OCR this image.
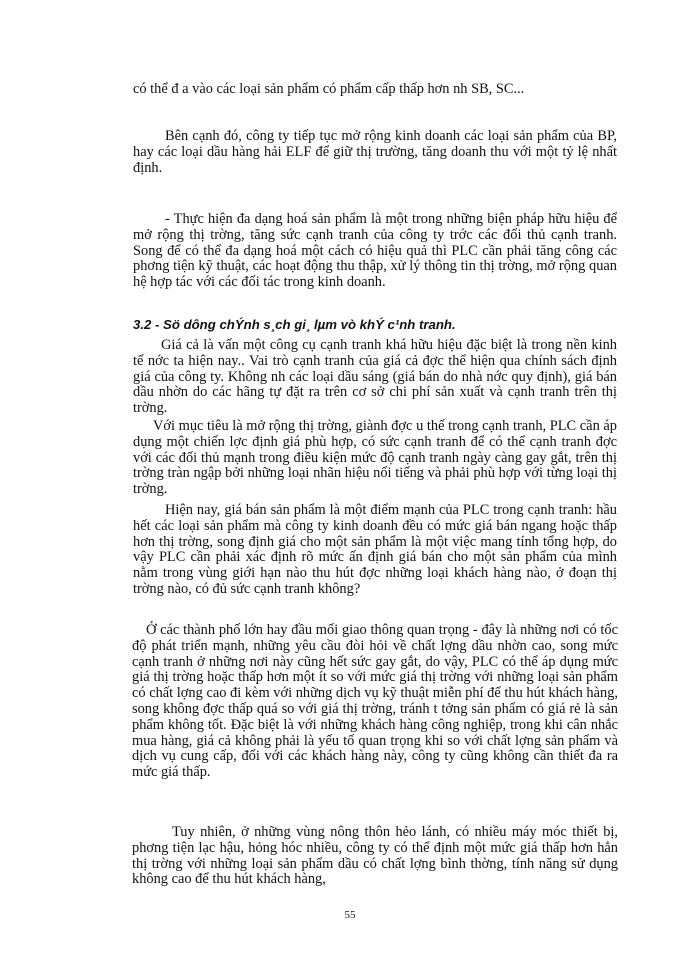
có thể đ a vào các loại sản phẩm có phẩm cấp thấp hơn nh SB, SC...

Bên cạnh đó, công ty tiếp tục mở rộng kinh doanh các loại sản phẩm của BP, hay các loại dầu hàng hải ELF để giữ thị trường, tăng doanh thu với một tỷ lệ nhất định.

- Thực hiện đa dạng hoá sản phẩm là một trong những biện pháp hữu hiệu để mở rộng thị trờng, tăng sức cạnh tranh của công ty trớc các đối thủ cạnh tranh. Song để có thể đa dạng hoá một cách có hiệu quả thì PLC cần phải tăng công các phơng tiện kỹ thuật, các hoạt động thu thập, xử lý thông tin thị trờng, mở rộng quan hệ hợp tác với các đối tác trong kinh doanh.

3.2 - Sö dông chÝnh s¸ch gi¸ lµm vò khÝ c¹nh tranh.

Giá cả là vấn một công cụ cạnh tranh khá hữu hiệu đặc biệt là trong nền kinh tế nớc ta hiện nay.. Vai trò cạnh tranh của giá cả đợc thể hiện qua chính sách định giá của công ty. Không nh các loại dầu sáng (giá bán do nhà nớc quy định), giá bán dầu nhờn do các hãng tự đặt ra trên cơ sở chi phí sản xuất và cạnh tranh trên thị trờng.

Với mục tiêu là mở rộng thị trờng, giành đợc u thế trong cạnh tranh, PLC cần áp dụng một chiến lợc định giá phù hợp, có sức cạnh tranh để có thể cạnh tranh đợc với các đối thủ mạnh trong điều kiện mức độ cạnh tranh ngày càng gay gắt, trên thị trờng tràn ngập bởi những loại nhãn hiệu nổi tiếng và phải phù hợp với từng loại thị trờng.

Hiện nay, giá bán sản phẩm là một điểm mạnh của PLC trong cạnh tranh: hầu hết các loại sản phẩm mà công ty kinh doanh đều có mức giá bán ngang hoặc thấp hơn thị trờng, song định giá cho một sản phẩm là một việc mang tính tổng hợp, do vậy PLC cần phải xác định rõ mức ấn định giá bán cho một sản phẩm của mình nằm trong vùng giới hạn nào thu hút đợc những loại khách hàng nào, ở đoạn thị trờng nào, có đủ sức cạnh tranh không?

Ở các thành phố lớn hay đầu mối giao thông quan trọng - đây là những nơi có tốc độ phát triển mạnh, những yêu cầu đòi hỏi về chất lợng dầu nhờn cao, song mức cạnh tranh ở những nơi này cũng hết sức gay gắt, do vậy, PLC có thể áp dụng mức giá thị trờng hoặc thấp hơn một ít so với mức giá thị trờng với những loại sản phẩm có chất lợng cao đi kèm với những dịch vụ kỹ thuật miễn phí để thu hút khách hàng, song không đợc thấp quá so với giá thị trờng, tránh t tởng sản phẩm có giá rẻ là sản phẩm không tốt. Đặc biệt là với những khách hàng công nghiệp, trong khi cân nhắc mua hàng, giá cả không phải là yếu tố quan trọng khi so với chất lợng sản phẩm và dịch vụ cung cấp, đối với các khách hàng này, công ty cũng không cần thiết đa ra mức giá thấp.

Tuy nhiên, ở những vùng nông thôn hẻo lánh, có nhiều máy móc thiết bị, phơng tiện lạc hậu, hỏng hóc nhiều, công ty có thể định một mức giá thấp hơn hẳn thị trờng với những loại sản phẩm dầu có chất lợng bình thờng, tính năng sử dụng không cao để thu hút khách hàng,

55
